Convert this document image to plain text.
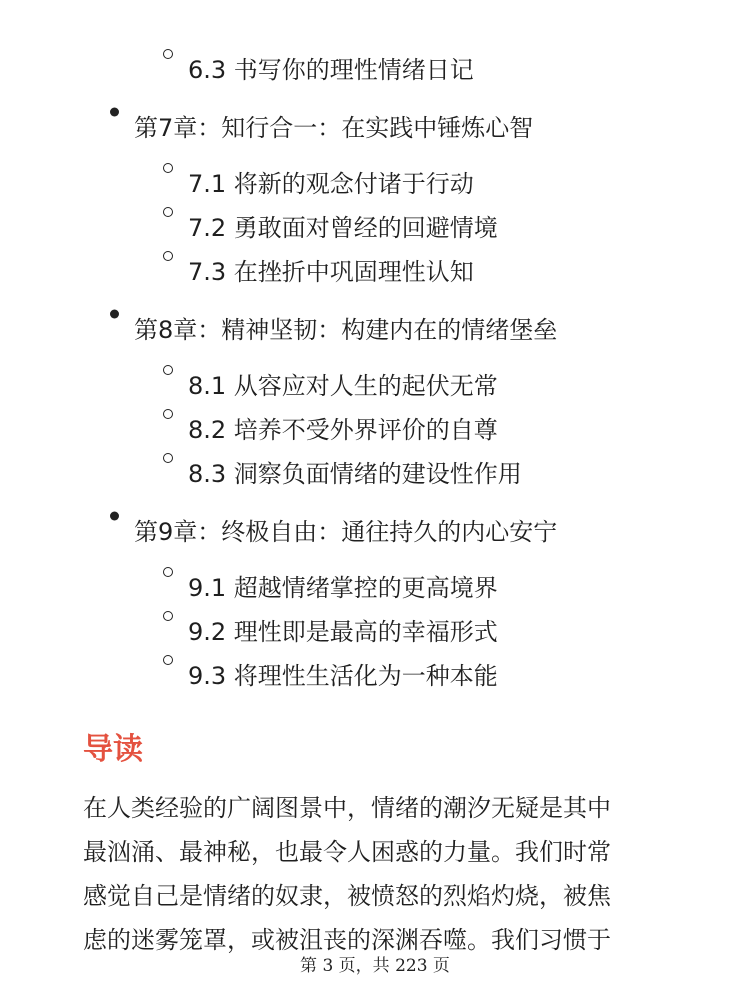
6.3 书写你的理性情绪日记
第7章：知行合一：在实践中锤炼心智
7.1 将新的观念付诸于行动
7.2 勇敢面对曾经的回避情境
7.3 在挫折中巩固理性认知
第8章：精神坚韧：构建内在的情绪堡垒
8.1 从容应对人生的起伏无常
8.2 培养不受外界评价的自尊
8.3 洞察负面情绪的建设性作用
第9章：终极自由：通往持久的内心安宁
9.1 超越情绪掌控的更高境界
9.2 理性即是最高的幸福形式
9.3 将理性生活化为一种本能
导读
在人类经验的广阔图景中，情绪的潮汐无疑是其中
最汹涌、最神秘，也最令人困惑的力量。我们时常
感觉自己是情绪的奴隶，被愤怒的烈焰灼烧，被焦
虑的迷雾笼罩，或被沮丧的深渊吞噬。我们习惯于
第 3 页，共 223 页
